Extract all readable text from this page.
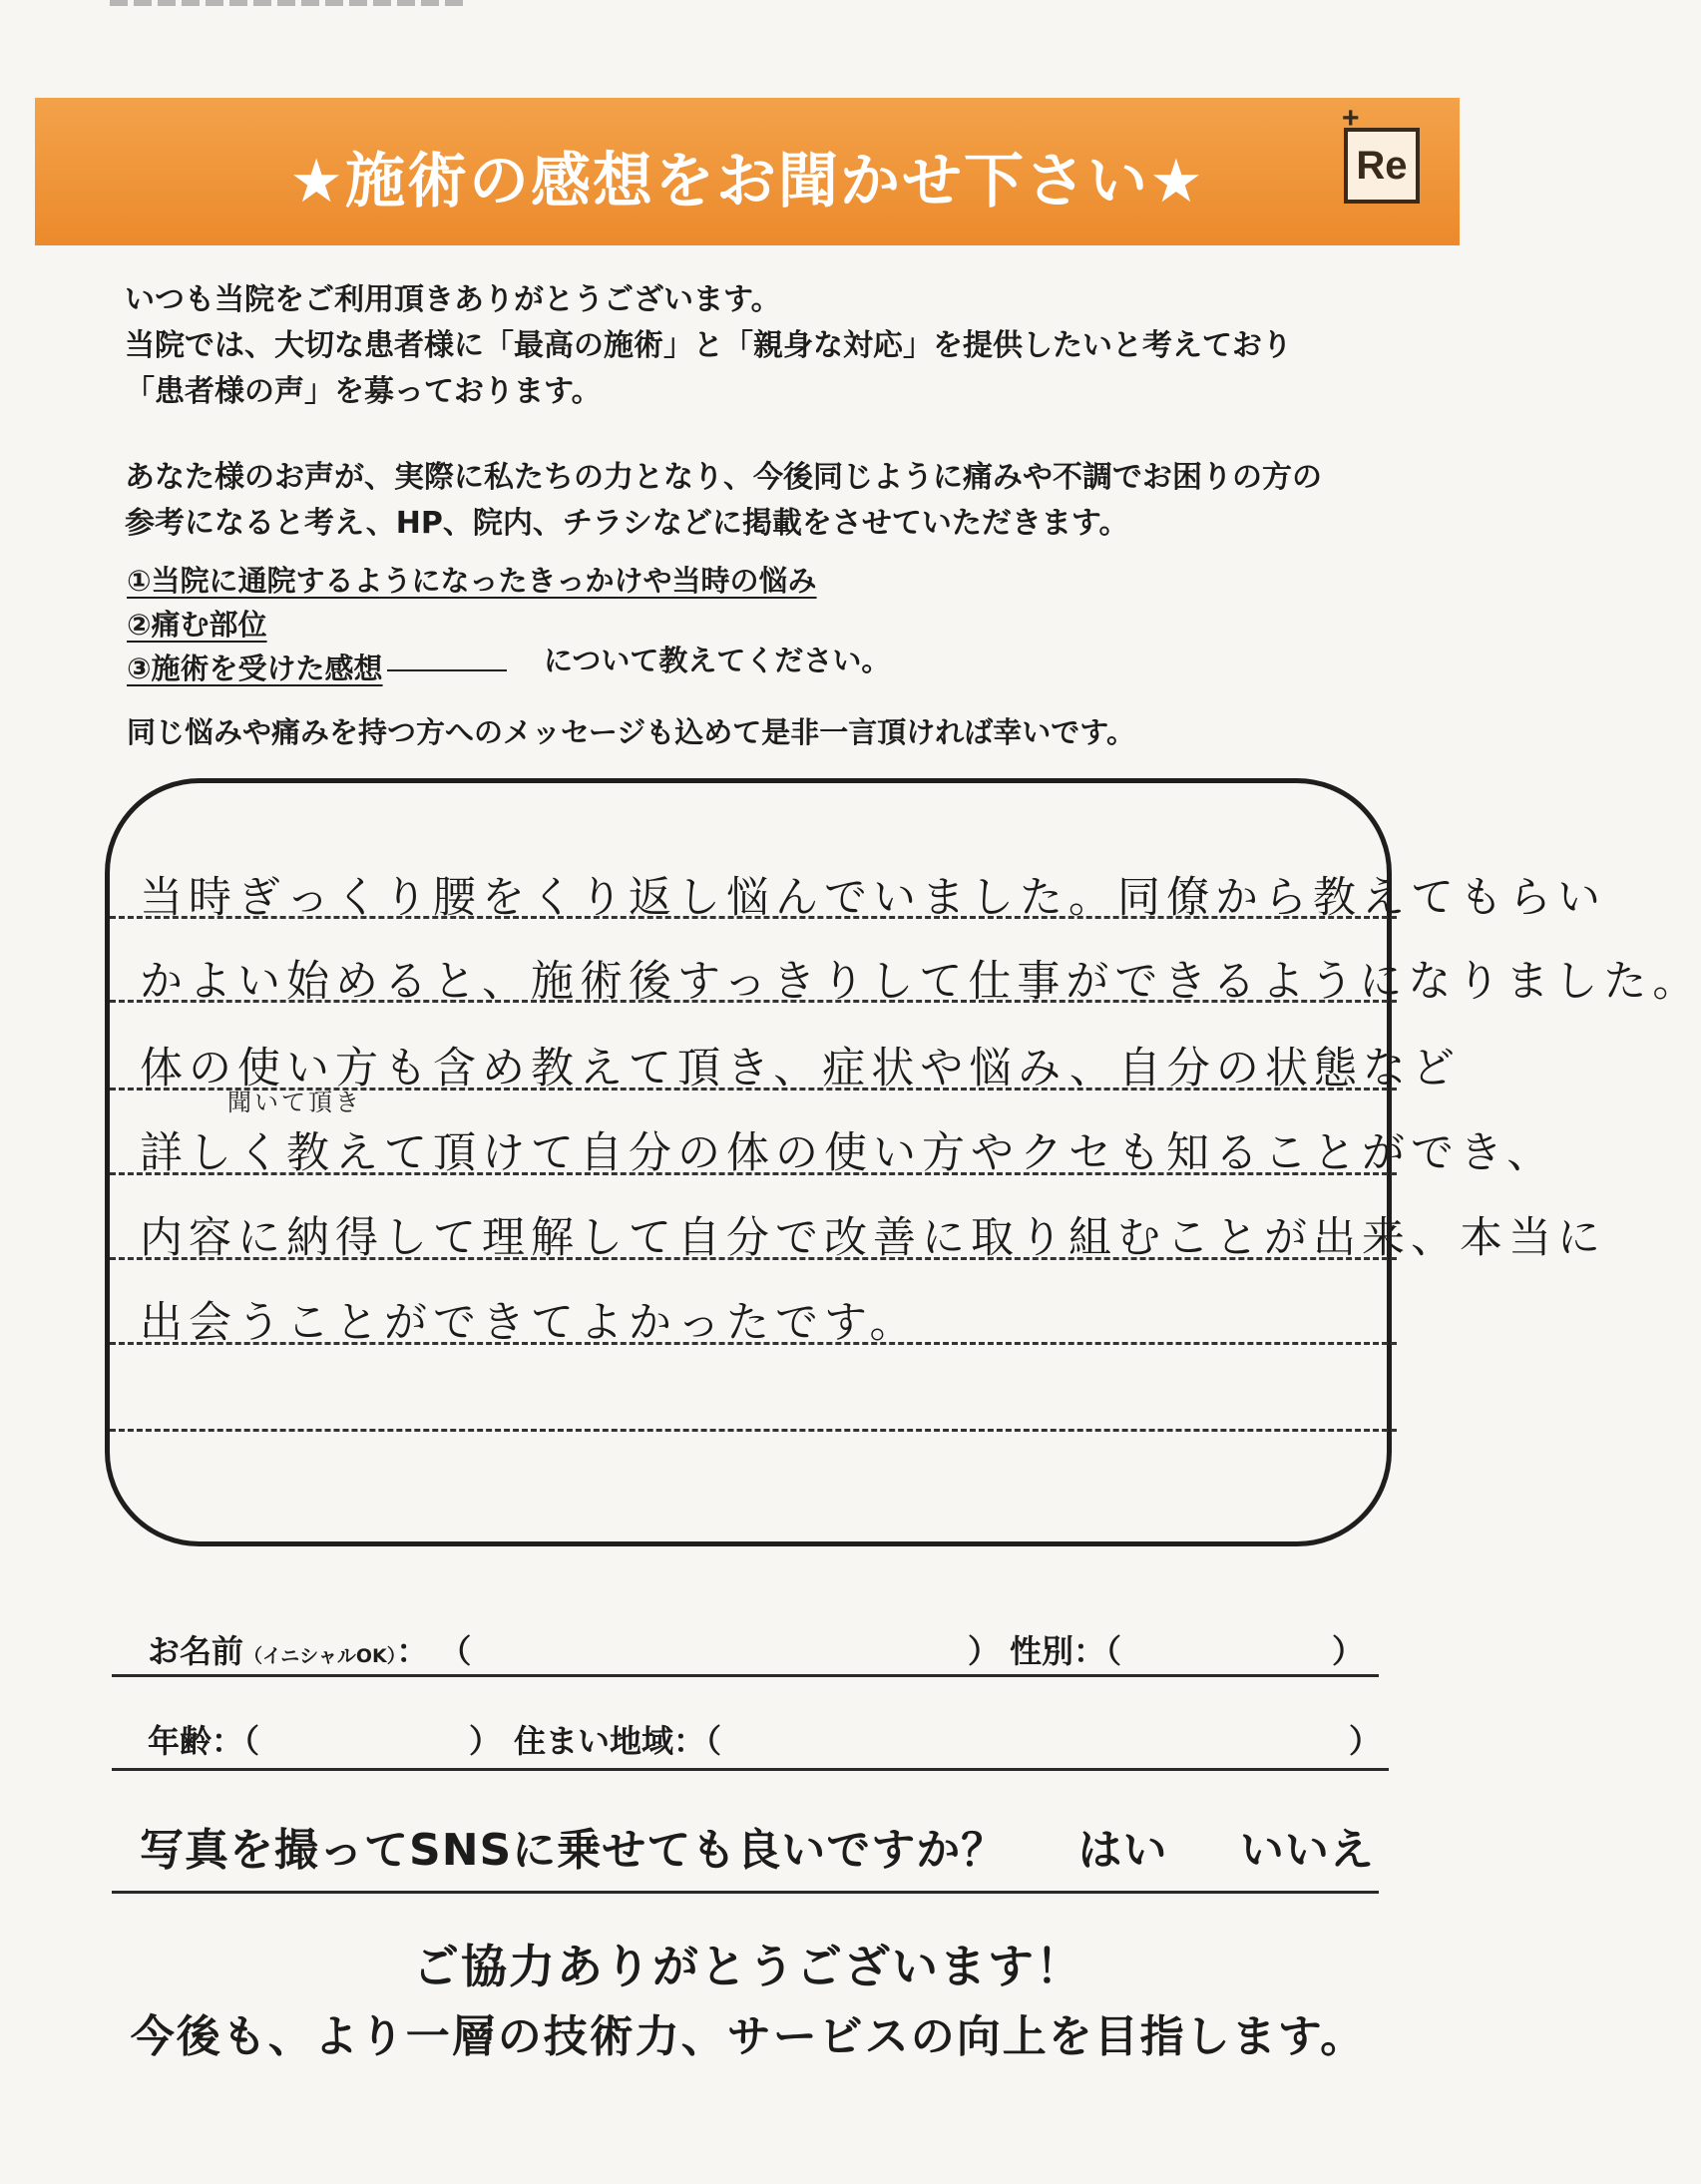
★施術の感想をお聞かせ下さい★
+
Re

いつも当院をご利用頂きありがとうございます。

当院では、大切な患者様に「最高の施術」と「親身な対応」を提供したいと考えており

「患者様の声」を募っております。

あなた様のお声が、実際に私たちの力となり、今後同じように痛みや不調でお困りの方の

参考になると考え、HP、院内、チラシなどに掲載をさせていただきます。

①当院に通院するようになったきっかけや当時の悩み
②痛む部位
③施術を受けた感想	について教えてください。
同じ悩みや痛みを持つ方へのメッセージも込めて是非一言頂ければ幸いです。
当時ぎっくり腰をくり返し悩んでいました。同僚から教えてもらい
かよい始めると、施術後すっきりして仕事ができるようになりました。
体の使い方も含め教えて頂き、症状や悩み、自分の状態など
聞いて頂き
詳しく教えて頂けて自分の体の使い方やクセも知ることができ、
内容に納得して理解して自分で改善に取り組むことが出来、本当に
出会うことができてよかったです。
お名前（イニシャルOK）： （	） 性別：（	）
年齢：（	） 住まい地域：（	）
写真を撮ってSNSに乗せても良いですか？ はい いいえ
ご協力ありがとうございます！
今後も、より一層の技術力、サービスの向上を目指します。
